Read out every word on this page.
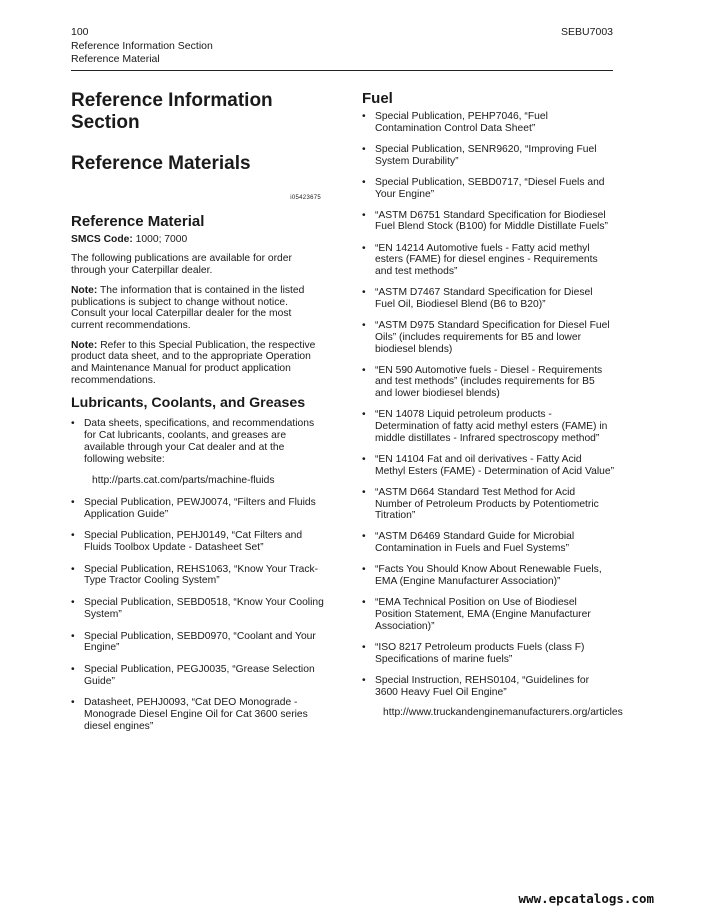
100
Reference Information Section
Reference Material
SEBU7003
Reference Information Section
Reference Materials
i05423675
Reference Material
SMCS Code: 1000; 7000

The following publications are available for order through your Caterpillar dealer.

Note: The information that is contained in the listed publications is subject to change without notice. Consult your local Caterpillar dealer for the most current recommendations.

Note: Refer to this Special Publication, the respective product data sheet, and to the appropriate Operation and Maintenance Manual for product application recommendations.

Lubricants, Coolants, and Greases
• Data sheets, specifications, and recommendations for Cat lubricants, coolants, and greases are available through your Cat dealer and at the following website:
http://parts.cat.com/parts/machine-fluids
• Special Publication, PEWJ0074, “Filters and Fluids Application Guide”
• Special Publication, PEHJ0149, “Cat Filters and Fluids Toolbox Update - Datasheet Set”
• Special Publication, REHS1063, “Know Your Track-Type Tractor Cooling System”
• Special Publication, SEBD0518, “Know Your Cooling System”
• Special Publication, SEBD0970, “Coolant and Your Engine”
• Special Publication, PEGJ0035, “Grease Selection Guide”
• Datasheet, PEHJ0093, “Cat DEO Monograde - Monograde Diesel Engine Oil for Cat 3600 series diesel engines”
Fuel
• Special Publication, PEHP7046, “Fuel Contamination Control Data Sheet”
• Special Publication, SENR9620, “Improving Fuel System Durability”
• Special Publication, SEBD0717, “Diesel Fuels and Your Engine”
• “ASTM D6751 Standard Specification for Biodiesel Fuel Blend Stock (B100) for Middle Distillate Fuels”
• “EN 14214 Automotive fuels - Fatty acid methyl esters (FAME) for diesel engines - Requirements and test methods”
• “ASTM D7467 Standard Specification for Diesel Fuel Oil, Biodiesel Blend (B6 to B20)”
• “ASTM D975 Standard Specification for Diesel Fuel Oils” (includes requirements for B5 and lower biodiesel blends)
• “EN 590 Automotive fuels - Diesel - Requirements and test methods” (includes requirements for B5 and lower biodiesel blends)
• “EN 14078 Liquid petroleum products - Determination of fatty acid methyl esters (FAME) in middle distillates - Infrared spectroscopy method”
• “EN 14104 Fat and oil derivatives - Fatty Acid Methyl Esters (FAME) - Determination of Acid Value”
• “ASTM D664 Standard Test Method for Acid Number of Petroleum Products by Potentiometric Titration”
• “ASTM D6469 Standard Guide for Microbial Contamination in Fuels and Fuel Systems”
• “Facts You Should Know About Renewable Fuels, EMA (Engine Manufacturer Association)”
• “EMA Technical Position on Use of Biodiesel Position Statement, EMA (Engine Manufacturer Association)”
• “ISO 8217 Petroleum products Fuels (class F) Specifications of marine fuels”
• Special Instruction, REHS0104, “Guidelines for 3600 Heavy Fuel Oil Engine”
http://www.truckandenginemanufacturers.org/articles
www.epcatalogs.com
